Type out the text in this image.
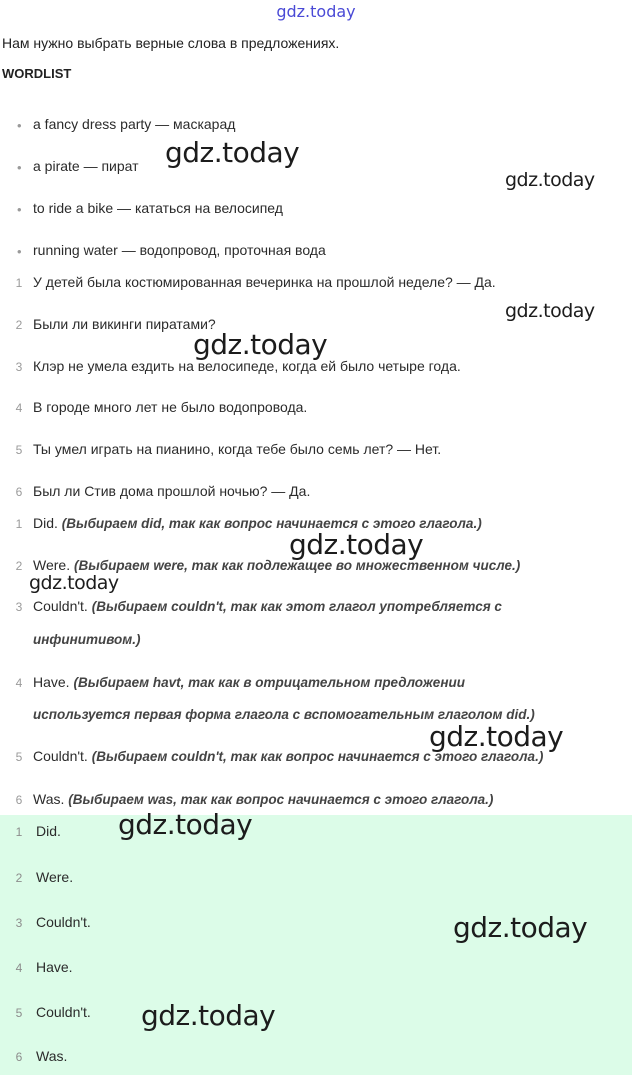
gdz.today
Нам нужно выбрать верные слова в предложениях.
WORDLIST
• a fancy dress party — маскарад
• a pirate — пират
• to ride a bike — кататься на велосипед
• running water — водопровод, проточная вода
1 У детей была костюмированная вечеринка на прошлой неделе? — Да.
2 Были ли викинги пиратами?
3 Клэр не умела ездить на велосипеде, когда ей было четыре года.
4 В городе много лет не было водопровода.
5 Ты умел играть на пианино, когда тебе было семь лет? — Нет.
6 Был ли Стив дома прошлой ночью? — Да.
1 Did. (Выбираем did, так как вопрос начинается с этого глагола.)
2 Were. (Выбираем were, так как подлежащее во множественном числе.)
3 Couldn't. (Выбираем couldn't, так как этот глагол употребляется с
инфинитивом.)
4 Have. (Выбираем havt, так как в отрицательном предложении
используется первая форма глагола с вспомогательным глаголом did.)
5 Couldn't. (Выбираем couldn't, так как вопрос начинается с этого глагола.)
6 Was. (Выбираем was, так как вопрос начинается с этого глагола.)
1 Did.
2 Were.
3 Couldn't.
4 Have.
5 Couldn't.
6 Was.
gdz.today
gdz.today
gdz.today
gdz.today
gdz.today
gdz.today
gdz.today
gdz.today
gdz.today
gdz.today
